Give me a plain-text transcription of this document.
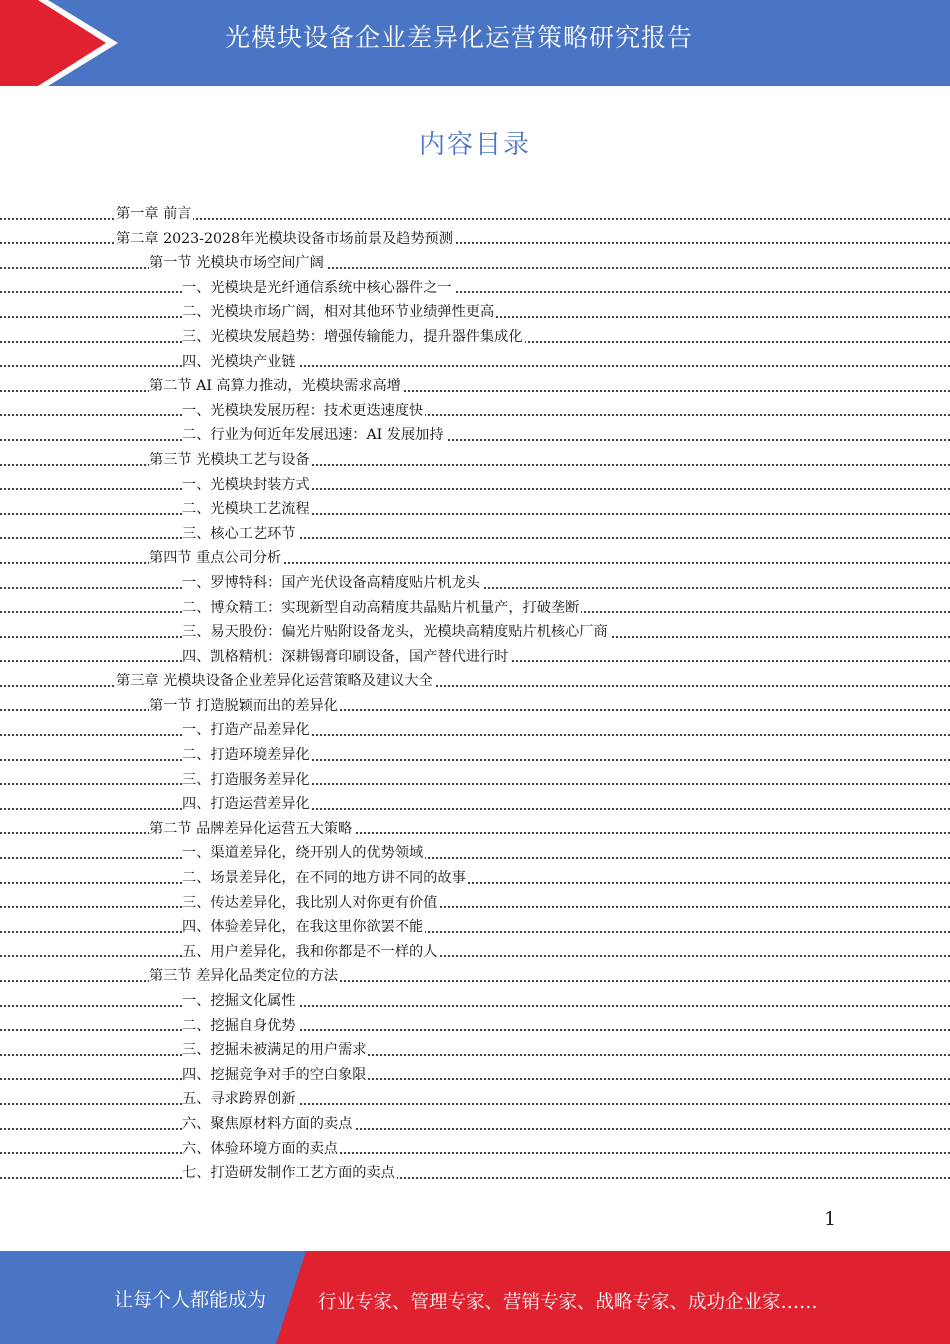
光模块设备企业差异化运营策略研究报告
内容目录
第一章 前言
第二章 2023-2028年光模块设备市场前景及趋势预测
第一节 光模块市场空间广阔
一、光模块是光纤通信系统中核心器件之一
二、光模块市场广阔，相对其他环节业绩弹性更高
三、光模块发展趋势：增强传输能力，提升器件集成化
四、光模块产业链
第二节 AI 高算力推动，光模块需求高增
一、光模块发展历程：技术更迭速度快
二、行业为何近年发展迅速：AI 发展加持
第三节 光模块工艺与设备
一、光模块封装方式
二、光模块工艺流程
三、核心工艺环节
第四节 重点公司分析
一、罗博特科：国产光伏设备高精度贴片机龙头
二、博众精工：实现新型自动高精度共晶贴片机量产，打破垄断
三、易天股份：偏光片贴附设备龙头，光模块高精度贴片机核心厂商
四、凯格精机：深耕锡膏印刷设备，国产替代进行时
第三章 光模块设备企业差异化运营策略及建议大全
第一节 打造脱颖而出的差异化
一、打造产品差异化
二、打造环境差异化
三、打造服务差异化
四、打造运营差异化
第二节 品牌差异化运营五大策略
一、渠道差异化，绕开别人的优势领域
二、场景差异化，在不同的地方讲不同的故事
三、传达差异化，我比别人对你更有价值
四、体验差异化，在我这里你欲罢不能
五、用户差异化，我和你都是不一样的人
第三节 差异化品类定位的方法
一、挖掘文化属性
二、挖掘自身优势
三、挖掘未被满足的用户需求
四、挖掘竞争对手的空白象限
五、寻求跨界创新
六、聚焦原材料方面的卖点
六、体验环境方面的卖点
七、打造研发制作工艺方面的卖点
1
让每个人都能成为	行业专家、管理专家、营销专家、战略专家、成功企业家……
